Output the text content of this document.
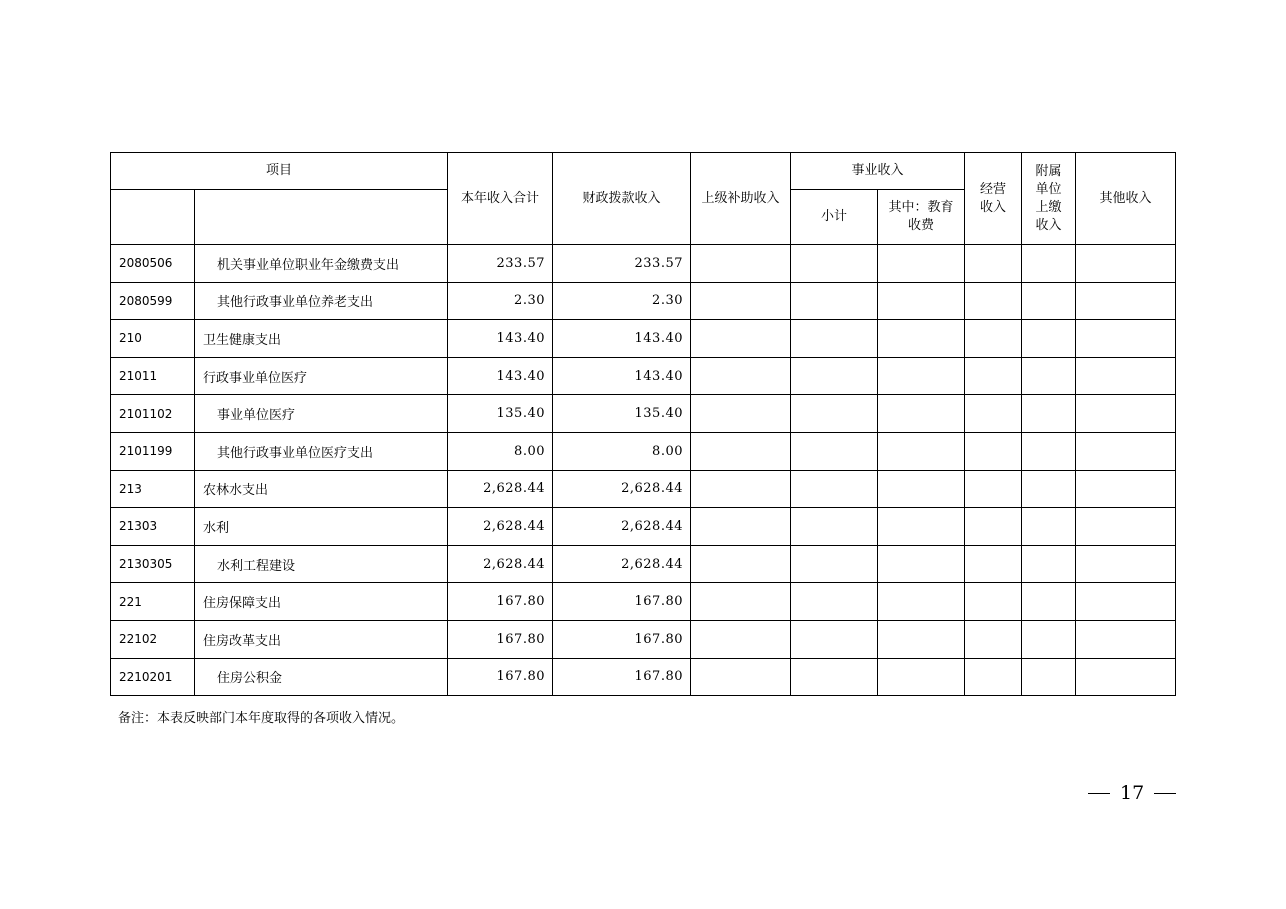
项目		本年收入合计	财政拨款收入	上级补助收入	事业收入		经营收入	附属单位上缴收入	其他收入
					小计	其中：教育收费			
2080506	机关事业单位职业年金缴费支出	233.57	233.57						
2080599	其他行政事业单位养老支出	2.30	2.30						
210	卫生健康支出	143.40	143.40						
21011	行政事业单位医疗	143.40	143.40						
2101102	事业单位医疗	135.40	135.40						
2101199	其他行政事业单位医疗支出	8.00	8.00						
213	农林水支出	2,628.44	2,628.44						
21303	水利	2,628.44	2,628.44						
2130305	水利工程建设	2,628.44	2,628.44						
221	住房保障支出	167.80	167.80						
22102	住房改革支出	167.80	167.80						
2210201	住房公积金	167.80	167.80						
备注：本表反映部门本年度取得的各项收入情况。
17
